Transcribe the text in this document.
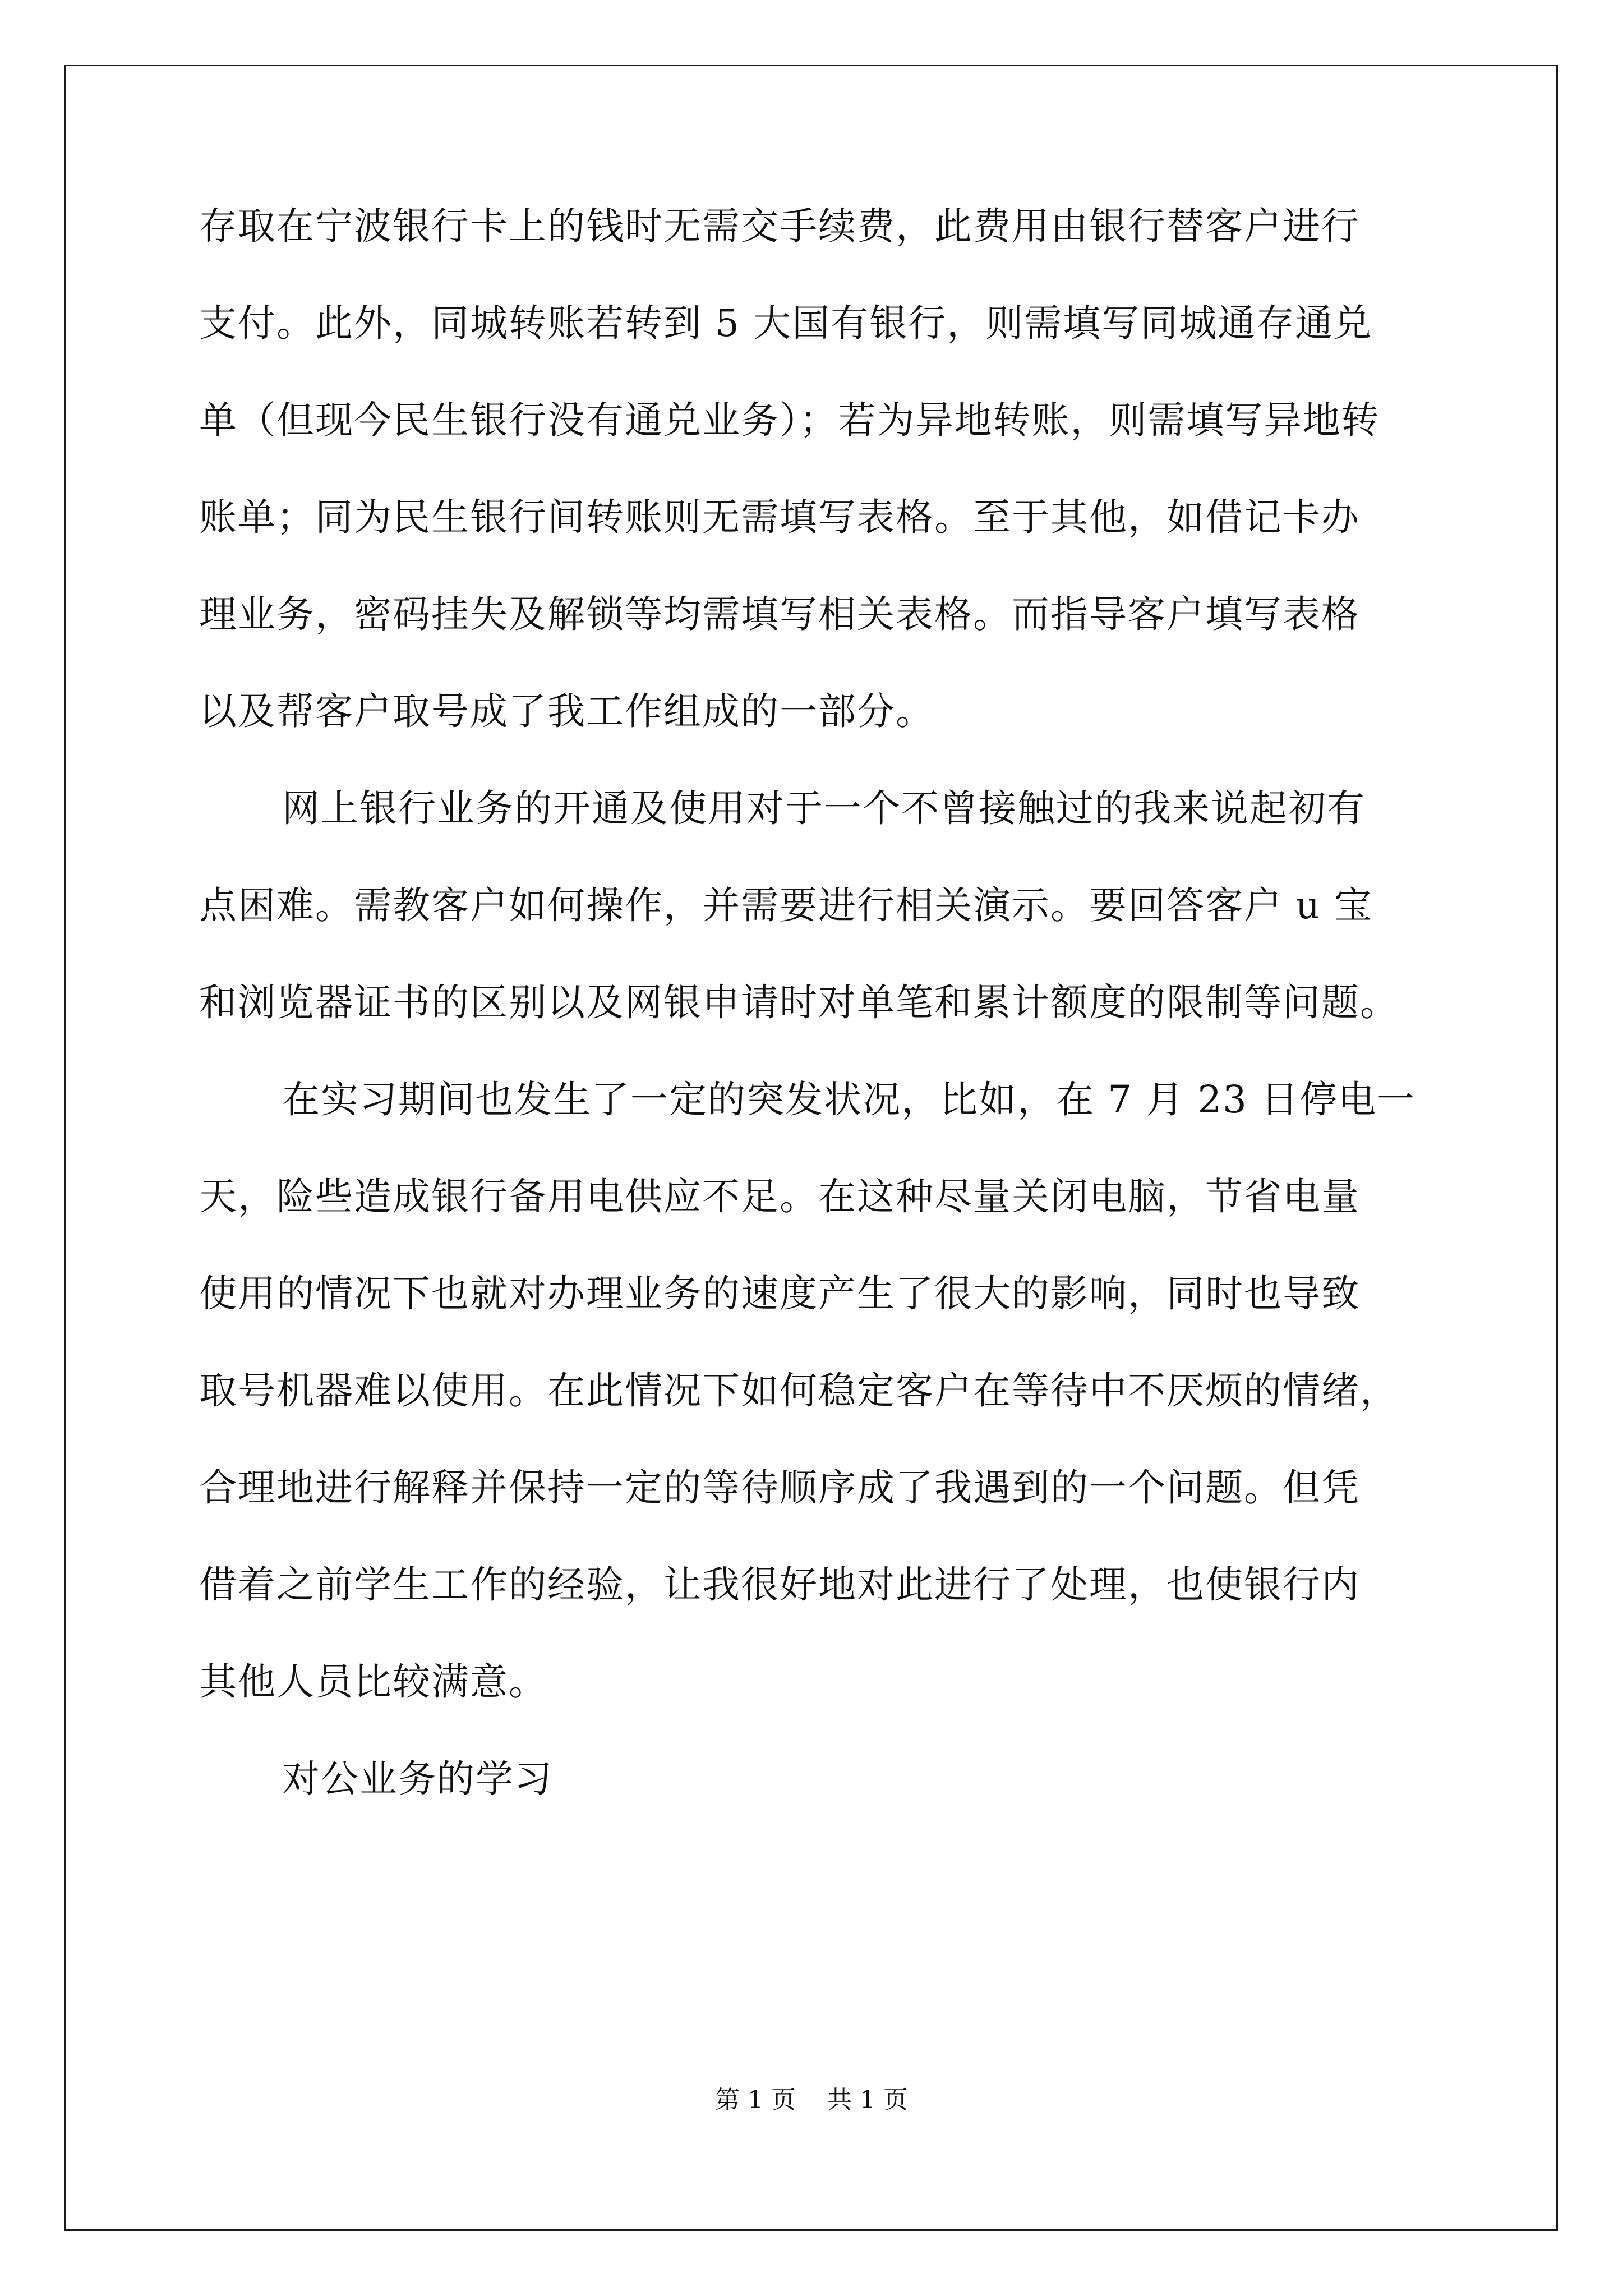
存取在宁波银行卡上的钱时无需交手续费，此费用由银行替客户进行
支付。此外，同城转账若转到 5 大国有银行，则需填写同城通存通兑
单（但现今民生银行没有通兑业务）；若为异地转账，则需填写异地转
账单；同为民生银行间转账则无需填写表格。至于其他，如借记卡办
理业务，密码挂失及解锁等均需填写相关表格。而指导客户填写表格
以及帮客户取号成了我工作组成的一部分。
网上银行业务的开通及使用对于一个不曾接触过的我来说起初有
点困难。需教客户如何操作，并需要进行相关演示。要回答客户 u 宝
和浏览器证书的区别以及网银申请时对单笔和累计额度的限制等问题。
在实习期间也发生了一定的突发状况，比如，在 7 月 23 日停电一
天，险些造成银行备用电供应不足。在这种尽量关闭电脑，节省电量
使用的情况下也就对办理业务的速度产生了很大的影响，同时也导致
取号机器难以使用。在此情况下如何稳定客户在等待中不厌烦的情绪，
合理地进行解释并保持一定的等待顺序成了我遇到的一个问题。但凭
借着之前学生工作的经验，让我很好地对此进行了处理，也使银行内
其他人员比较满意。
对公业务的学习
第 1 页 共 1 页
